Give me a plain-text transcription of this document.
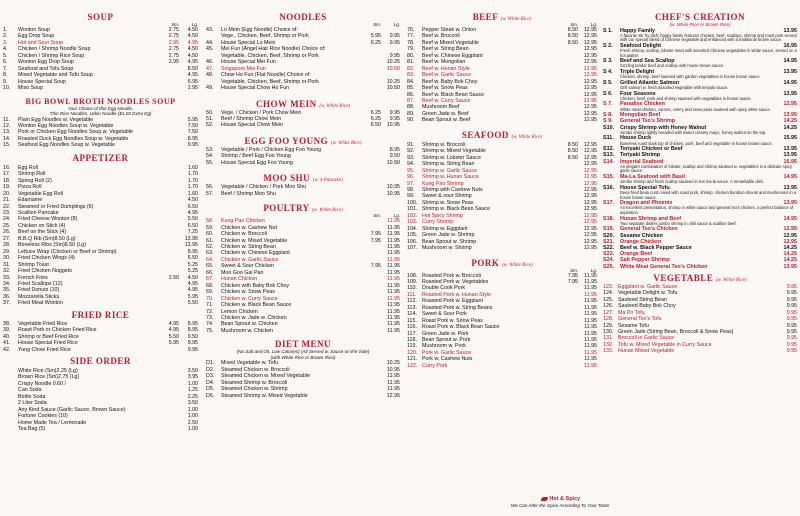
SOUP
Sm.	Lg.
1.	Wonton Soup	2.75	4.50
2.	Egg Drop Soup	2.75	4.50
3.	Hot and Sour Soup	2.95	4.95
4.	Chicken / Shrimp Noodle Soup	2.75	4.50
5.	Chicken / Shrimp Rice Soup	2.75	4.50
6.	Wonton Egg Drop Soup	2.95	4.95
7.	Seafood and Tofu Soup	8.50
8.	Mixed Vegetable and Tofu Soup	4.95
9.	House Special Soup	6.95
10.	Miso Soup	2.95
BIG BOWL BROTH NOODLES SOUP
Your Choice of thin Egg Noodle,
Thin Rice Noodles, Udon Noodle ($1.00 Extra Eg)
11.	Plain Egg Noodles w. Vegetable	5.95
12.	Wonton Egg Noodles Soup w. Vegetable	7.50
13.	Pork or Chicken Egg Noodles Soup w. Vegetable	7.50
14.	Roasted Duck Egg Noodles Soup w. Vegetable	8.95
15.	Seafood Egg Noodles Soup w. Vegetable	9.95
APPETIZER
16.	Egg Roll	1.60
17.	Shrimp Roll	1.70
18.	Spring Roll (2)	1.70
19.	Pizza Roll	1.70
20.	Vegetable Egg Roll	1.60
21.	Edamame	4.50
22.	Steamed or Fried Dumplings (6)	6.50
23.	Scallion Pancake	4.95
24.	Fried Cheese Wonton (8)	5.50
25.	Chicken on Stick (4)	6.50
26.	Beef on the Stick (4)	7.25
27.	B.B.Q Rib (Sm)8.50 (Lg)	13.95
28.	Boneless Ribs (Sm)8.50 (Lg)	13.95
29.	Lettuce Wrap (Chicken or Beef or Shrimp)	8.95
30.	Fried Chicken Wings (4)	6.50
31.	Shrimp Toast	5.25
32.	Fried Chicken Nuggets	5.25
33.	French Fries	2.50	4.50
34.	Fried Scallops (12)	4.95
35.	Fried Donuts (10)	4.95
36.	Mozzarella Sticks	5.95
37.	Fried Meat Wonton	5.50
FRIED RICE
38.	Vegetable Fried Rice	4.95	8.95
39.	Roast Pork or Chicken Fried Rice	4.95	8.95
40.	Shrimp or Beef Fried Rice	5.50	9.50
41.	House Special Fried Rice	5.95	9.95
42.	Yung Chow Fried Rice	9.95
SIDE ORDER
White Rice (Sm)2.25 (Lg)	3.50
Brown Rice (Sm)2.75 (Lg)	3.95
Crispy Noodle 0.60 /	1.00
Can Soda	1.25
Bottle Soda	2.25
2 Liter Soda	3.50
Any Kind Sauce (Garlic Sauce, Brown Sauce)	1.00
Fortune Cookies (10)	1.00
Home Made Tea / Lemonade	2.50
Tea Bag (5)	1.00
NOODLES
Sm.	Lg.
43.	Lo Mein (Egg Noodle) Choice of:
Vege., Chicken, Beef, Shrimp or Pork	5.95	9.95
44.	House Special Lo Mein	6.25	9.95
45.	Mei Fun (Angel Hair Rice Noodle) Choice of:
Vegetable, Chicken, Beef, Shrimp or Pork	9.95
46.	House Special Mei Fun	10.25
47.	Singapore Mei Fun	10.50
48.	Chow Ho Fun (Flat Noodle) Choice of:
Vegetable, Chicken, Beef, Shrimp or Pork	10.25
49.	House Special Chow Ho Fun	10.50
CHOW MEIN (w. White Rice)
50.	Vege. / Chicken / Pork Chow Mein	6.25	9.95
51.	Beef / Shrimp Chow Mein	6.25	9.95
52.	House Special Chow Mein	6.50	10.95
EGG FOO YOUNG (w. White Rice)
53.	Vegetable / Pork / Chicken Egg Foo Young	8.95
54.	Shrimp / Beef Egg Foo Young	9.50
55.	House Special Egg Foo Young	10.50
MOO SHU (w. 4 Pancake)
56.	Vegetable / Chicken / Pork Moo Shu	10.95
57.	Beef / Shrimp Moo Shu	10.95
POULTRY (w. White Rice)
Sm.	Lg.
58.	Kung Pao Chicken	11.95
59.	Chicken w. Cashew Nut	11.95
60.	Chicken w. Broccoli	7.95	11.95
61.	Chicken w. Mixed Vegetable	7.95	11.95
62.	Chicken w. String Bean	11.95
63.	Chicken w. Chinese Eggplant	11.95
64.	Chicken w. Garlic Sauce	11.95
65.	Sweet & Sour Chicken	7.95	11.95
66.	Moo Goo Gai Pan	11.95
67.	Hunan Chicken	11.95
68.	Chicken with Baby Bok Choy	11.95
69.	Chicken w. Snow Peas	11.95
70.	Chicken w. Curry Sauce	11.95
71.	Chicken w. Black Bean Sauce	11.95
72.	Lemon Chicken	11.95
73.	Chicken w. Jade w. Chicken	11.95
74.	Bean Sprout w. Chicken	11.95
75.	Mushroom w. Chicken	11.95
DIET MENU
(No Salt and Oil, Low Calories) (All Served w. Sauce on the Side)
(with White Rice or Brown Rice)
D1.	Mixed Vegetable w. Tofu	10.25
D2.	Steamed Chicken w. Broccoli	10.95
D3.	Steamed Chicken w. Mixed Vegetable	11.95
D4.	Steamed Shrimp w. Broccoli	11.95
D5.	Steamed Chicken w. Shrimp	11.95
D6.	Steamed Shrimp w. Mixed Vegetable	12.95
BEEF (w. White Rice)
Sm.	Lg.
76.	Pepper Steak w. Onion	8.50	12.95
77.	Beef w. Broccoli	8.50	12.95
78.	Beef w Mixed Vegetable	8.50	12.95
79.	Beef w. String Bean	12.95
80.	Beef w. Chinese Eggplant	12.95
81.	Beef w. Mongolian	12.95
82.	Beef w. Hunan Style	12.95
83.	Beef w. Garlic Sauce	12.95
84.	Beef w. Baby Bok Choy	12.95
85.	Beef w. Snow Peas	12.95
86.	Beef w. Black Bean Sauce	12.95
87.	Beef w. Curry Sauce	12.95
88.	Mushroom Beef	12.95
89.	Green Jade w. Beef	12.95
90.	Bean Sprout w. Beef	12.95
SEAFOOD (w. White Rice)
91.	Shrimp w. Broccoli	8.50	12.95
92.	Shrimp w. Mixed Vegetable	8.50	12.95
93.	Shrimp w. Lobster Sauce	8.50	12.95
94.	Shrimp w. String Bean	12.95
95.	Shrimp w. Garlic Sauce	12.95
96.	Shrimp w. Hunan Sauce	12.95
97.	Kung Pao Shrimp	12.95
98.	Shrimp with Cashew Nuts	12.95
99.	Sweet & sour Shrimp	12.95
100. Shrimp w. Snow Peas	12.95
101. Shrimp w. Black Bean Sauce	12.95
102. Hot Spicy Shrimp	12.95
103. Curry Shrimp	12.95
104. Shrimp w. Eggplant	12.95
105. Green Jade w. Shrimp	12.95
106. Bean Sprout w. Shrimp	12.95
107. Mushroom w. Shrimp	12.95
PORK (w. White Rice)
Sm.	Lg.
108. Roasted Pork w. Broccoli	7.95	11.95
109. Roasted Pork w. Vegetables	7.95	11.95
110. Double Cook Pork	11.95
111.	Roasted Pork w. Hunan Style	11.95
112. Roasted Pork w. Eggplant	11.95
113. Roasted Pork w. String Beans	11.95
114. Sweet & Sour Pork	11.95
115. Roast Pork w. Snow Peas	11.95
116. Roast Pork w. Black Bean Sauce	11.95
117. Green Jade w. Pork	11.95
118. Bean Sprout w. Pork	11.95
119. Mushroom w. Pork	11.95
120. Pork w. Garlic Sauce	11.95
121. Pork w. Cashew Nuts	11.95
122. Curry Pork	11.95
Hot & Spicy
We Can Alter the Spice According To Your Taste
CHEF'S CREATION
(w. White Rice or Brown Rice)
S 1.	Happy Family	13.95
A favorite stir fry dish; happy family features chicken, beef, scallops, shrimp and roast pork served with our special blend of Chinese vegetable and enhanced with a traditional brown sauce.
S 2.	Seafood Delight	16.95
Fresh shrimp, scallop, lobster meat with assorted Chinese vegetables in white sauce, served on a hot platter.
S 3.	Beef and Sea Scallop	14.95
Sizzling tender beef and scallop with house brown sauce.
S 4.	Triple Delight	13.95
Chicken, shrimp, beef sauteed with garden vegetables in house brown sauce.
S 5.	Grilled Atlantic Salmon	14.95
Grill salmon w. fresh assorted vegetable with teriyaki sauce.
S 6.	Four Seasons	13.95
Chicken, beef, pork and shrimp sauteed with vegetables in brown sauce.
S 7.	Paradise Chicken	12.95
White meat chicken, carrots, celery and snow peas sauteed with spicy white sauce.
S 8.	Mongolian Beef	13.95
S 9.	General Tso's Shrimp	14.25
S10.	Crispy Shrimp with Honey Walnut	14.25
Jumbo shrimp lightly breaded with sweet creamy mayo, honey walnut on the top.
S11.	House Duck	15.95
Boneless roast duck top of chicken, pork, beef and vegetable in house brown sauce.
S12.	Teriyaki Chicken or Beef	13.95
S13.	Teriyaki Shrimp	13.95
S14.	Imperial Seafood	16.95
An elegant combination of lobster, scallop and shrimp sauteed w. vegetables in a delicate spicy garlic sauce.
S15.	Ma-La Seafood with Basil	14.95
Jumbo shrimp and fresh scallop sauteed in hot ma-la sauce. A remarkable dish.
S16.	House Special Tofu	13.95
Deep fried bean curd mixed with roast pork, shrimp, chicken bamboo shoots and mushrooms in a house brown sauce.
S17.	Dragon and Phoenix	13.95
An excellent presentation, shrimp in white sauce and general tso's chicken, a perfect balance of aspiration.
S18.	Hunan Shrimp and Beef	14.95
Two separate dishes jumbo shrimp in chili sauce & scallion beef.
S19.	General Tso's Chicken	12.95
S20.	Sesame Chicken	12.95
S21.	Orange Chicken	12.95
S22.	Beef w. Black Pepper Sauce	14.25
S23.	Orange Beef	14.25
S24.	Salt Pepper Shrimp	14.25
S25.	White Meat General Tso's Chicken	13.95
VEGETABLE (w. White Rice)
123. Eggplant w. Garlic Sauce	9.95
124. Vegetable Delight w. Tofu	9.95
125. Sauteed String Bean	9.95
126. Sauteed Baby Bok Choy	9.95
127. Ma Po Tofu	9.95
128. General Tso's Tofu	9.95
129. Sesame Tofu	9.95
130. Green Jade (String Bean, Broccoli & Snow Peas)	9.95
131. Broccoli in Garlic Sauce	9.95
132. Tofu w. Mixed Vegetable in Curry Sauce	9.95
133. Hunan Mixed Vegetable	9.95
